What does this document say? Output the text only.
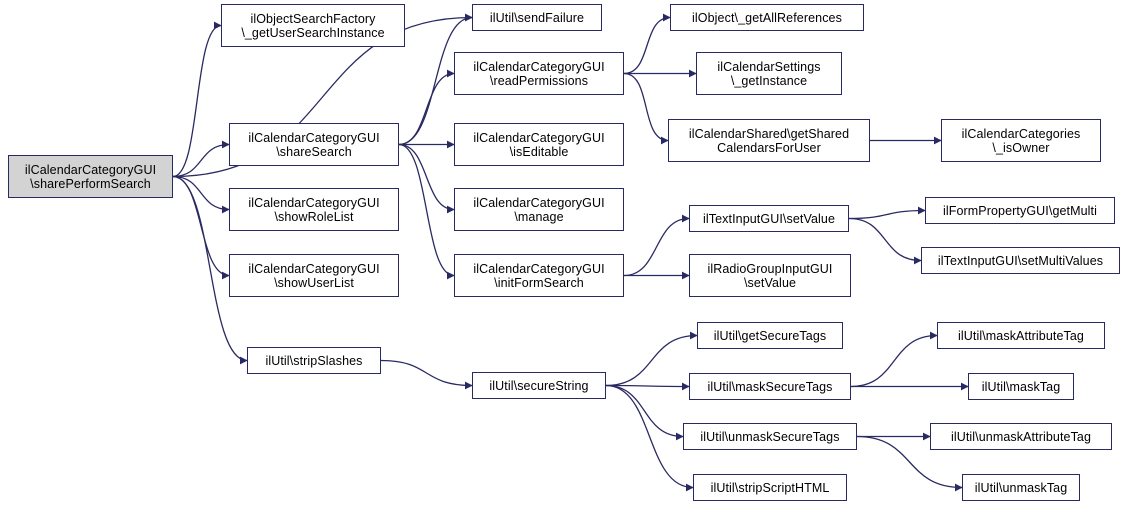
ilCalendarCategoryGUI
\sharePerformSearch
ilObjectSearchFactory
\_getUserSearchInstance
ilCalendarCategoryGUI
\shareSearch
ilCalendarCategoryGUI
\showRoleList
ilCalendarCategoryGUI
\showUserList
ilUtil\stripSlashes
ilUtil\sendFailure
ilCalendarCategoryGUI
\readPermissions
ilCalendarCategoryGUI
\isEditable
ilCalendarCategoryGUI
\manage
ilCalendarCategoryGUI
\initFormSearch
ilUtil\secureString
ilObject\_getAllReferences
ilCalendarSettings
\_getInstance
ilCalendarShared\getShared
CalendarsForUser
ilTextInputGUI\setValue
ilRadioGroupInputGUI
\setValue
ilUtil\getSecureTags
ilUtil\maskSecureTags
ilUtil\unmaskSecureTags
ilUtil\stripScriptHTML
ilCalendarCategories
\_isOwner
ilFormPropertyGUI\getMulti
ilTextInputGUI\setMultiValues
ilUtil\maskAttributeTag
ilUtil\maskTag
ilUtil\unmaskAttributeTag
ilUtil\unmaskTag
